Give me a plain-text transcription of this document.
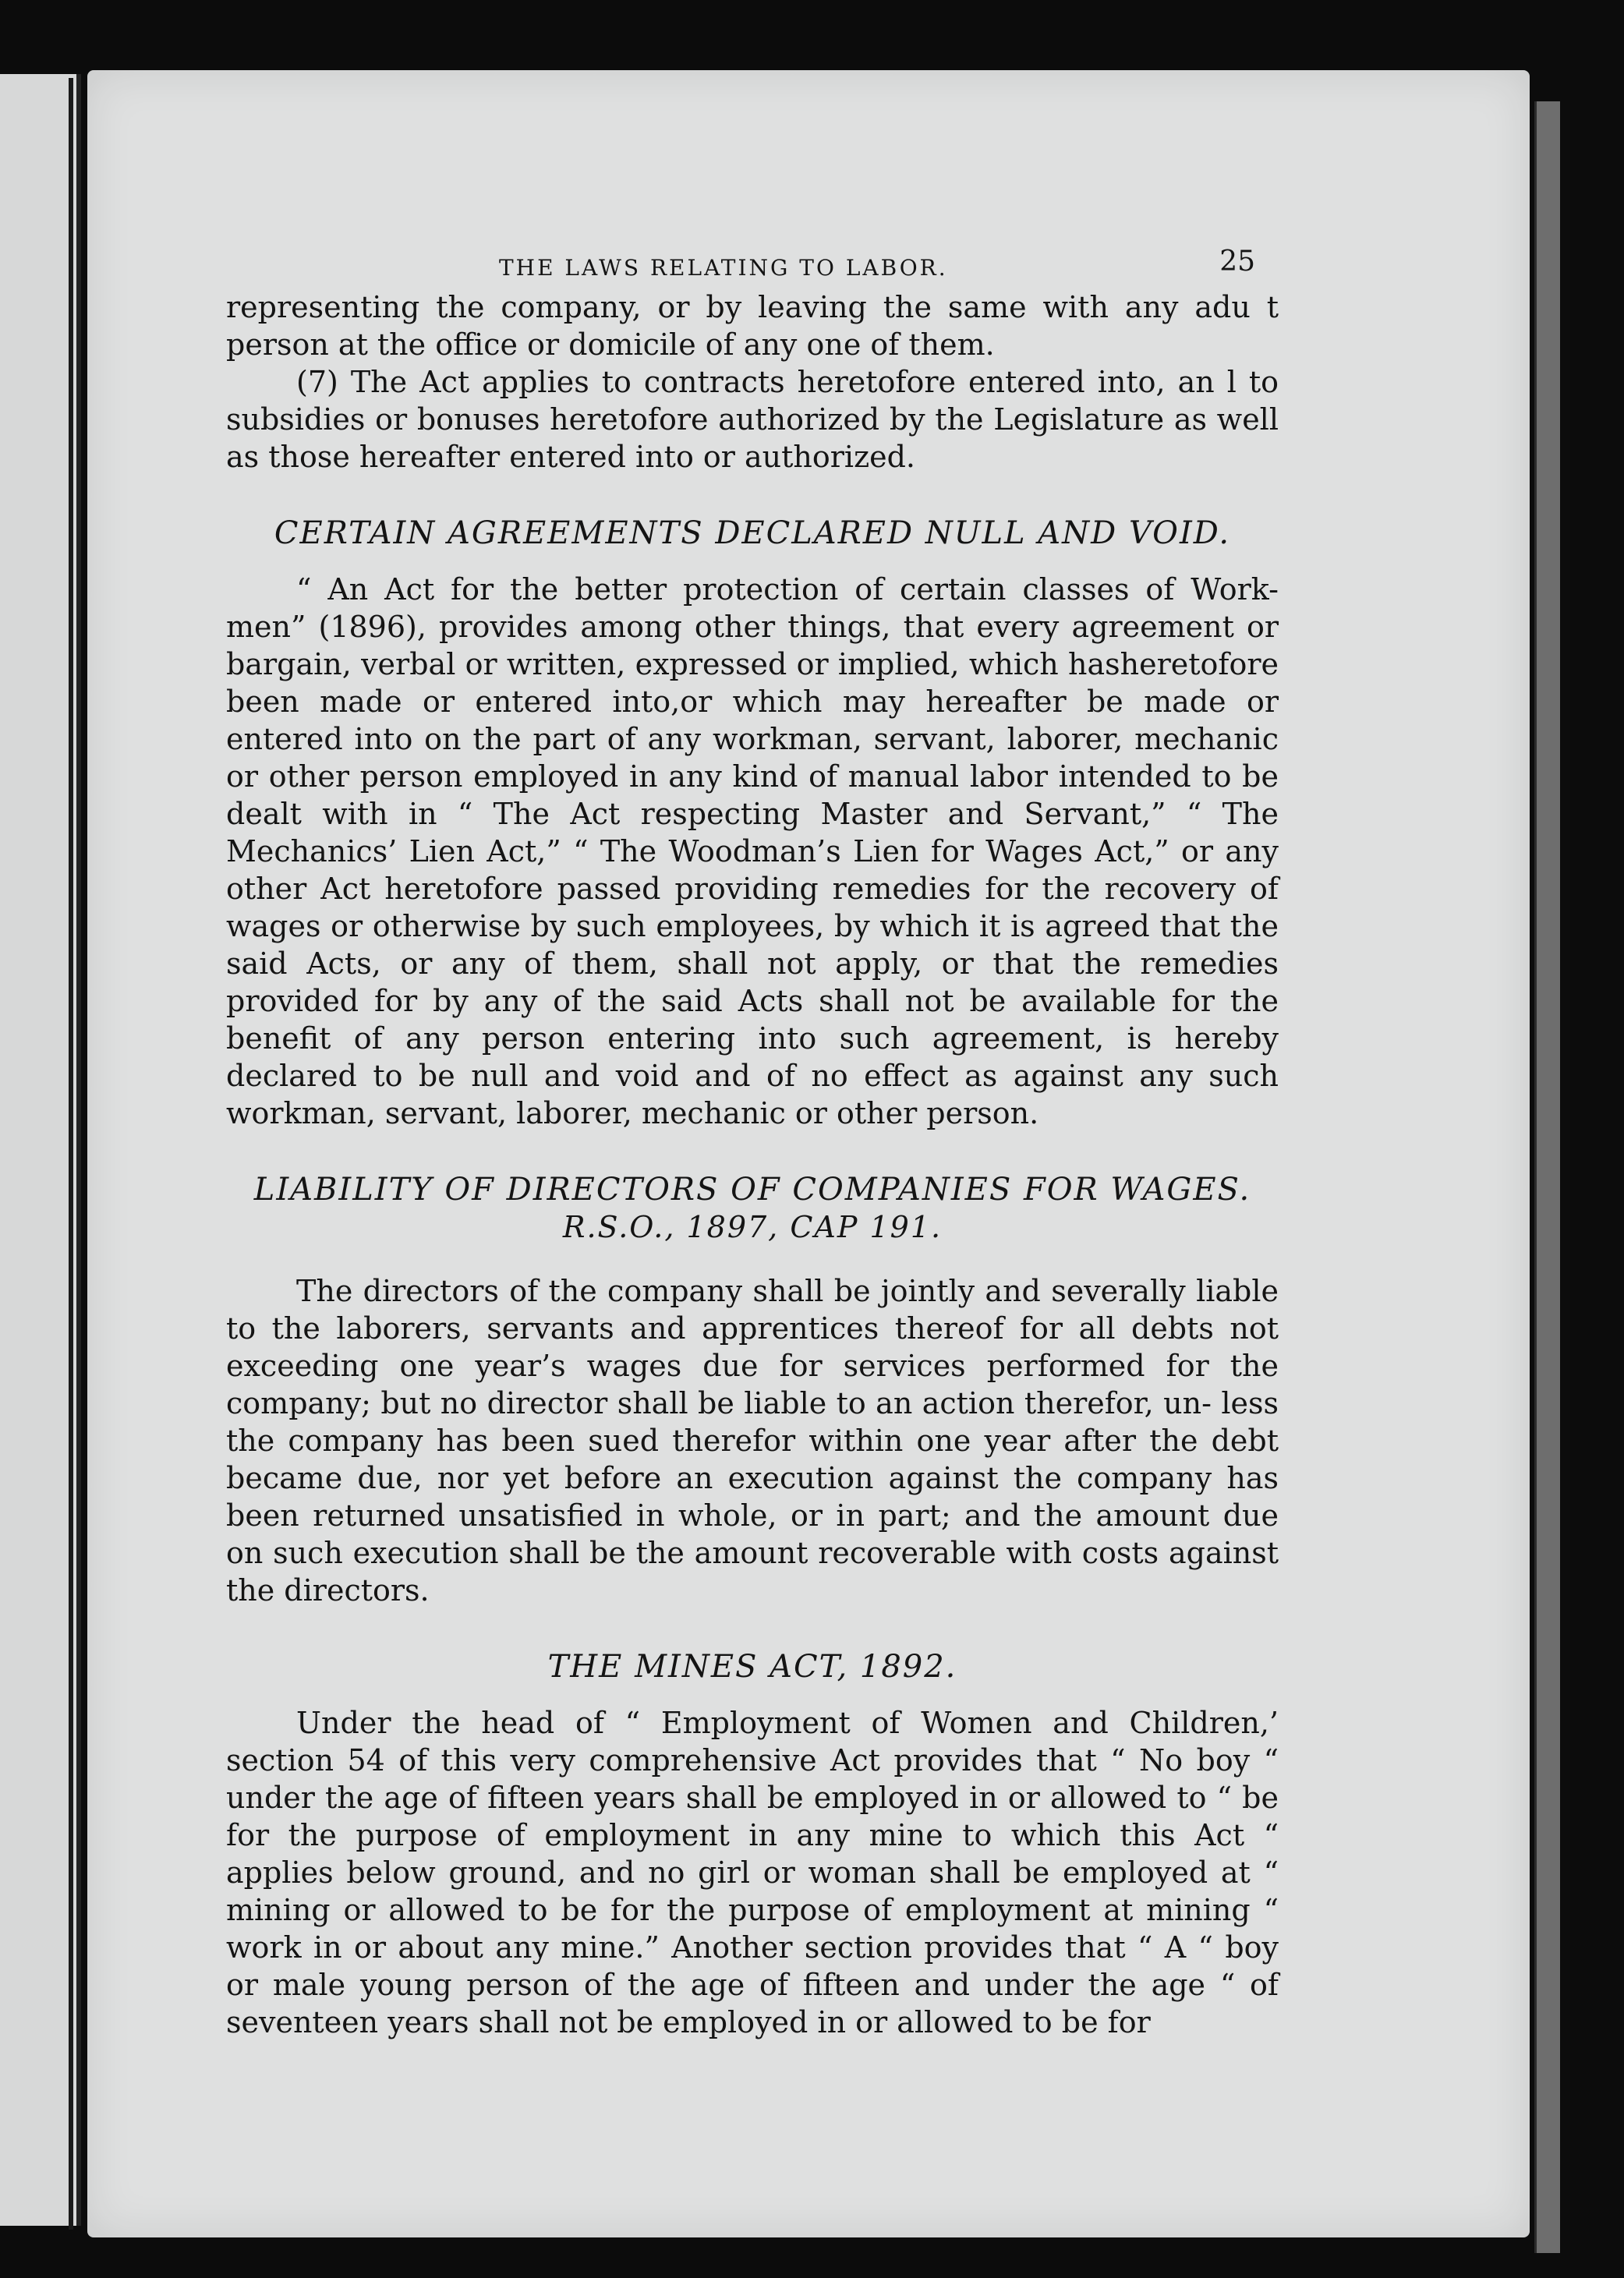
THE LAWS RELATING TO LABOR.	25

representing the company, or by leaving the same with any adu t person at the office or domicile of any one of them.

(7) The Act applies to contracts heretofore entered into, an l to subsidies or bonuses heretofore authorized by the Legislature as well as those hereafter entered into or authorized.

CERTAIN AGREEMENTS DECLARED NULL AND VOID.

“ An Act for the better protection of certain classes of Work- men” (1896), provides among other things, that every agreement or bargain, verbal or written, expressed or implied, which hasheretofore been made or entered into,or which may hereafter be made or entered into on the part of any workman, servant, laborer, mechanic or other person employed in any kind of manual labor intended to be dealt with in “ The Act respecting Master and Servant,” “ The Mechanics’ Lien Act,” “ The Woodman’s Lien for Wages Act,” or any other Act heretofore passed providing remedies for the recovery of wages or otherwise by such employees, by which it is agreed that the said Acts, or any of them, shall not apply, or that the remedies provided for by any of the said Acts shall not be available for the benefit of any person entering into such agreement, is hereby declared to be null and void and of no effect as against any such workman, servant, laborer, mechanic or other person.

LIABILITY OF DIRECTORS OF COMPANIES FOR WAGES.
R.S.O., 1897, CAP 191.

The directors of the company shall be jointly and severally liable to the laborers, servants and apprentices thereof for all debts not exceeding one year’s wages due for services performed for the company; but no director shall be liable to an action therefor, un- less the company has been sued therefor within one year after the debt became due, nor yet before an execution against the company has been returned unsatisfied in whole, or in part; and the amount due on such execution shall be the amount recoverable with costs against the directors.

THE MINES ACT, 1892.

Under the head of “ Employment of Women and Children,’ section 54 of this very comprehensive Act provides that “ No boy “ under the age of fifteen years shall be employed in or allowed to “ be for the purpose of employment in any mine to which this Act “ applies below ground, and no girl or woman shall be employed at “ mining or allowed to be for the purpose of employment at mining “ work in or about any mine.” Another section provides that “ A “ boy or male young person of the age of fifteen and under the age “ of seventeen years shall not be employed in or allowed to be for
